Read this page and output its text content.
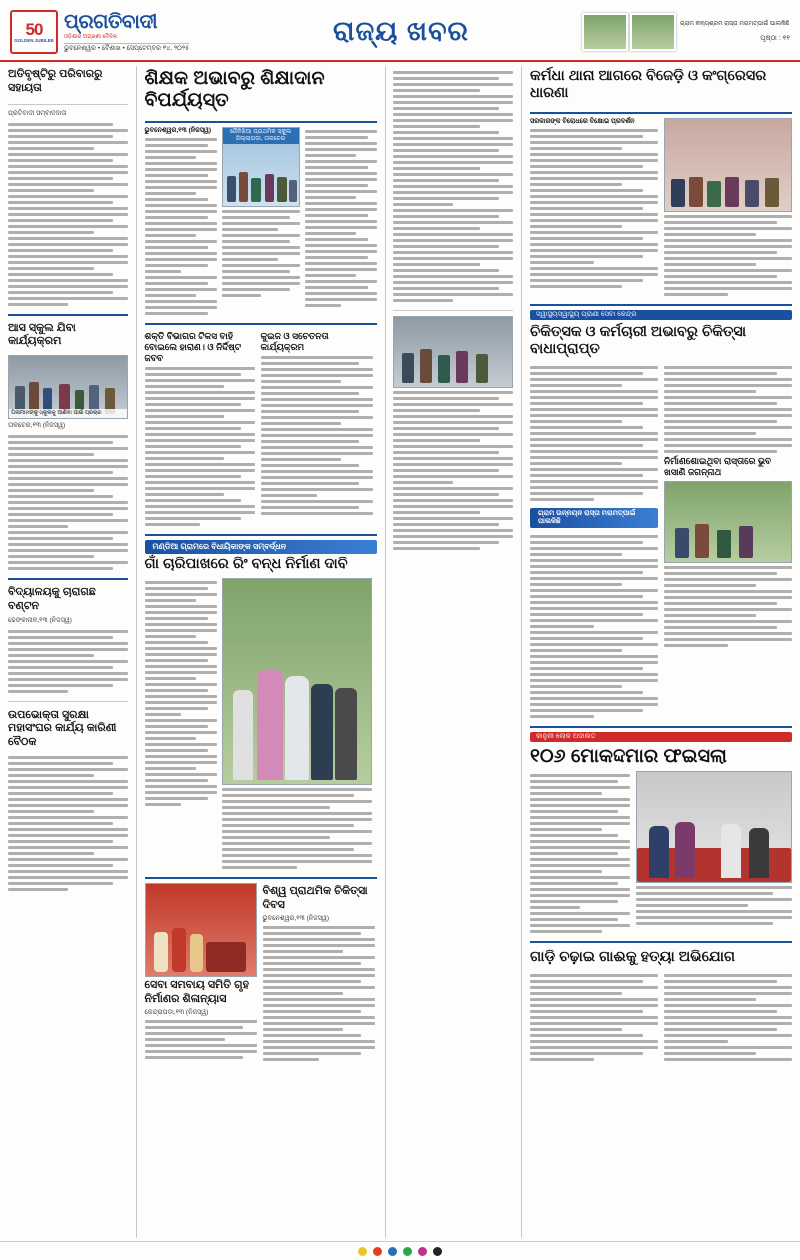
50
GOLDEN JUBILEE
ପ୍ରଗତିବାଦୀ
ଓଡ଼ିଶାର ଅଗ୍ରଣୀ ଦୈନିକ
ଭୁବନେଶ୍ୱର • ବୈଶାଖ • ସେପ୍ଟେମ୍ବର ୧୪, ୨୦୨୫
ରାଜ୍ୟ ଖବର	ଗ୍ରାମ କନ୍ୟଶ୍ରମ ରାସ୍ତା ମରାମତ୍ପାଇଁ ପାଲକିଛି
ପୃଷ୍ଠା : ୧୧
ଅତିବୃଷ୍ଟିରୁ ପରିବାରରୁ ସହାୟତା
ପ୍ରତିବାଦୀ ସମ୍ବାଦଦାତା
ଆସ ସ୍କୁଲ ଯିବା କାର୍ଯ୍ୟକ୍ରମ
ପିଲାମାନଙ୍କୁ ସ୍କୁଲକୁ ଆଣିବା ପାଇଁ ପ୍ରଚାର
ତାଳଚେର,୧୩ (ନିଜସ୍ୱ)
ବିଦ୍ୟାଳୟକୁ ଚାରାଗଛ ବଣ୍ଟନ
ଢେଙ୍କାନାଳ,୧୩ (ନିଜସ୍ୱ)
ଉପଭୋକ୍ତା ସୁରକ୍ଷା ମହାସଂଘର କାର୍ଯ୍ୟ କାରିଣୀ ବୈଠକ
ଶିକ୍ଷକ ଅଭାବରୁ ଶିକ୍ଷାଦାନ ବିପର୍ଯ୍ୟସ୍ତ
ଭୁବନେଶ୍ୱର,୧୩ (ନିଜସ୍ୱ)	ଜୈନିଖିଆ ପ୍ରାଥମିକ ସ୍କୁଲ ଜିଲ୍ଲାପଡ଼ା, ତାଳଚେର
ଶକ୍ତି ବିଭାଗର ଟିକସ ବାହି ବୋଇଲେ ହାରାଣ। ଓ ନିର୍ଦ୍ଦିଷ୍ଟ ଜବବ
କୁଇଜ ଓ ସଚେତନତା କାର୍ଯ୍ୟକ୍ରମ
ମଣ୍ଡିଆ ଗ୍ରାମରେ ବିଧାୟିକାଙ୍କ ସମ୍ବର୍ଦ୍ଧନ
ଗାଁ ଚାରିପାଖରେ ରିଂ ବନ୍ଧ ନିର୍ମାଣ ଦାବି
ସେବା ସମବାୟ ସମିତି ଗୃହ ନିର୍ମାଣର ଶିଳାନ୍ୟାସ
କେନ୍ଦ୍ରାପଡ଼ା,୧୩ (ନିଜସ୍ୱ)
ବିଶ୍ୱ ପ୍ରାଥମିକ ଚିକିତ୍ସା ଦିବସ
ଭୁବନେଶ୍ୱର,୧୩ (ନିଜସ୍ୱ)
କର୍ମଧା ଥାନା ଆଗରେ ବିଜେଡ଼ି ଓ କଂଗ୍ରେସର ଧାରଣା
ସରକାରଙ୍କ ବିରୋଧରେ ବିକ୍ଷୋଭ ପ୍ରଦର୍ଶନ
ସ୍ୱାସ୍ଥ୍ୟସ୍ୱାସ୍ଥ୍ୟ ପ୍ରାଣୀ ସେବା କେନ୍ଦ୍ର
ଚିକିତ୍ସକ ଓ କର୍ମଚାରୀ ଅଭାବରୁ ଚିକିତ୍ସା ବାଧାପ୍ରାପ୍ତ
ଗ୍ରାମ ଉନ୍ନୟନ ରାସ୍ତା ମରାମତ୍ପାଇଁ ପାଲକିଛି
ନିର୍ମାଣଶୋଇଥିବା ରାସ୍ତାରେ ଭୁବ ଖସାଣି ଜଗନ୍ନାଥ
କାନୁନୀ ଲୋକ ଅଦାଲତ
୧୦୬ ମୋକଦ୍ଦମାର ଫଇସଲା
ଗାଡ଼ି ଚଢ଼ାଇ ଗାଈକୁ ହତ୍ୟା ଅଭିଯୋଗ
